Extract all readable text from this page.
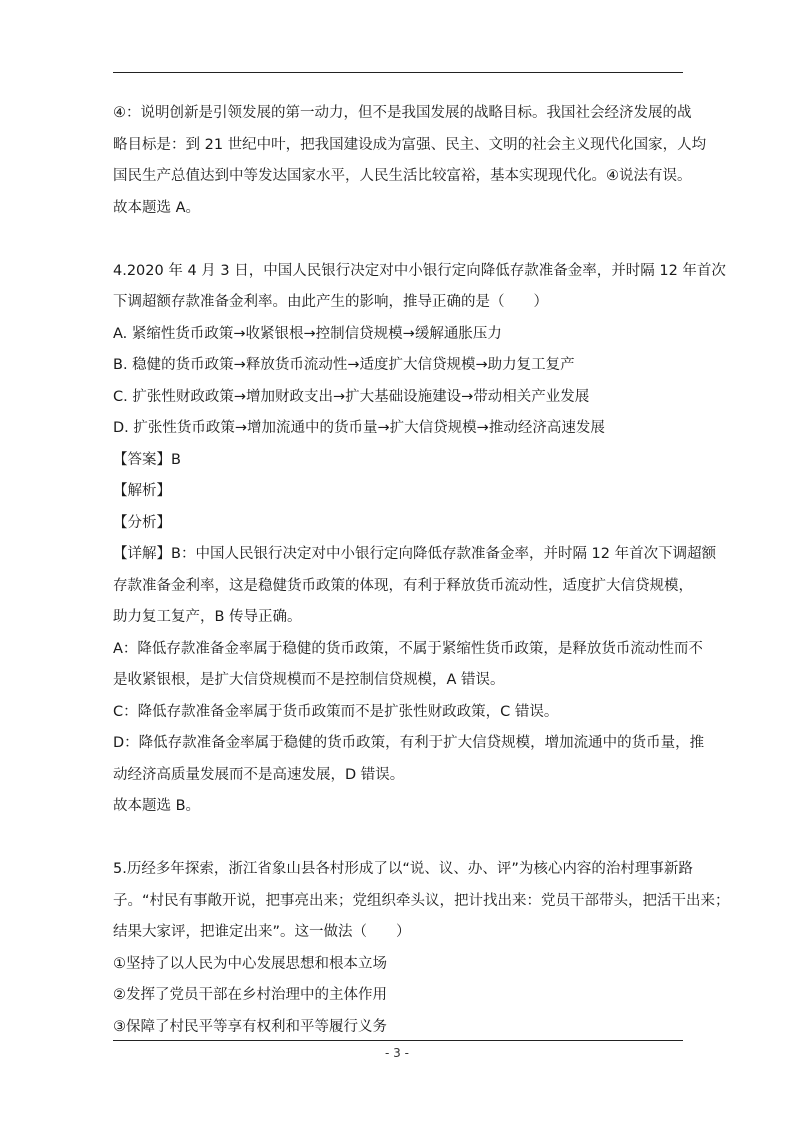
④：说明创新是引领发展的第一动力，但不是我国发展的战略目标。我国社会经济发展的战

略目标是：到 21 世纪中叶，把我国建设成为富强、民主、文明的社会主义现代化国家，人均

国民生产总值达到中等发达国家水平，人民生活比较富裕，基本实现现代化。④说法有误。

故本题选 A。

4.2020 年 4 月 3 日，中国人民银行决定对中小银行定向降低存款准备金率，并时隔 12 年首次

下调超额存款准备金利率。由此产生的影响，推导正确的是（　　）

A. 紧缩性货币政策→收紧银根→控制信贷规模→缓解通胀压力

B. 稳健的货币政策→释放货币流动性→适度扩大信贷规模→助力复工复产

C. 扩张性财政政策→增加财政支出→扩大基础设施建设→带动相关产业发展

D. 扩张性货币政策→增加流通中的货币量→扩大信贷规模→推动经济高速发展

【答案】B

【解析】

【分析】

【详解】B：中国人民银行决定对中小银行定向降低存款准备金率，并时隔 12 年首次下调超额

存款准备金利率，这是稳健货币政策的体现，有利于释放货币流动性，适度扩大信贷规模，

助力复工复产，B 传导正确。

A：降低存款准备金率属于稳健的货币政策，不属于紧缩性货币政策，是释放货币流动性而不

是收紧银根，是扩大信贷规模而不是控制信贷规模，A 错误。

C：降低存款准备金率属于货币政策而不是扩张性财政政策，C 错误。

D：降低存款准备金率属于稳健的货币政策，有利于扩大信贷规模，增加流通中的货币量，推

动经济高质量发展而不是高速发展，D 错误。

故本题选 B。

5.历经多年探索，浙江省象山县各村形成了以“说、议、办、评”为核心内容的治村理事新路

子。“村民有事敞开说，把事亮出来；党组织牵头议，把计找出来：党员干部带头，把活干出来；

结果大家评，把谁定出来”。这一做法（　　）

①坚持了以人民为中心发展思想和根本立场

②发挥了党员干部在乡村治理中的主体作用

③保障了村民平等享有权利和平等履行义务

- 3 -
